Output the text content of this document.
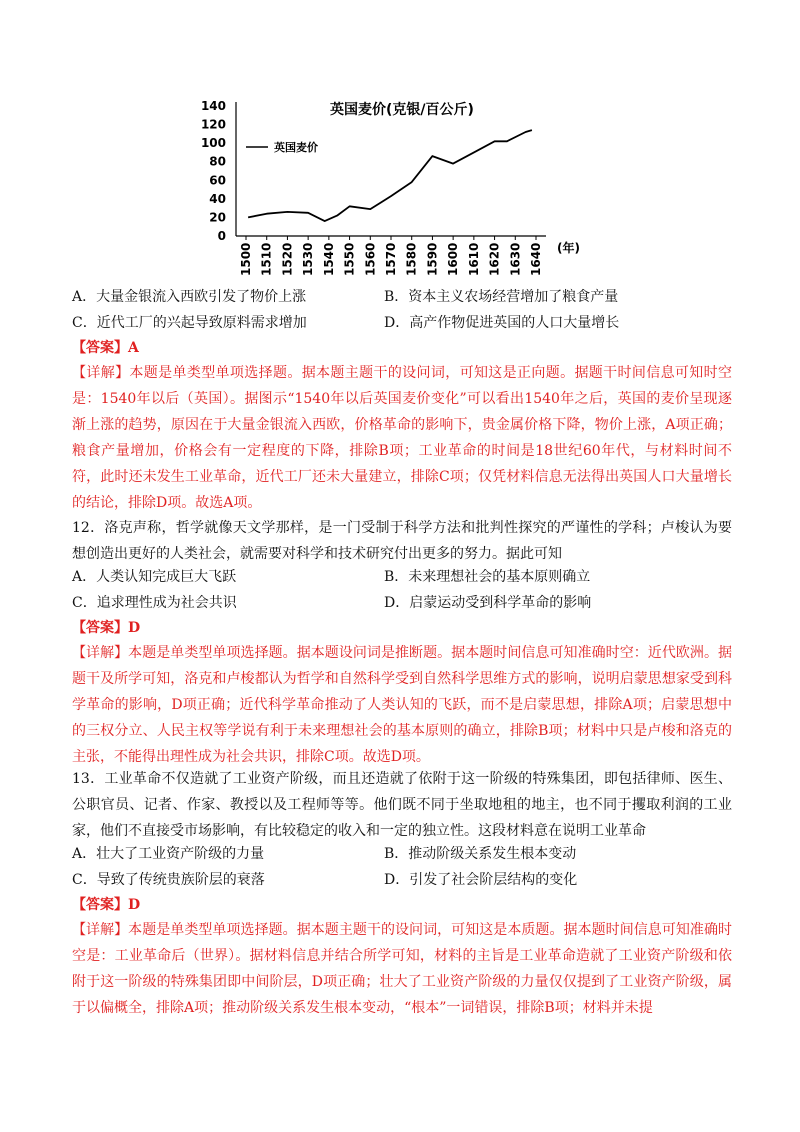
英国麦价(克银/百公斤)
英国麦价
(年)
0
20
40
60
80
100
120
140
1500 1510 1520 1530 1540 1550 1560 1570 1580 1590 1600 1610 1620 1630 1640
A．大量金银流入西欧引发了物价上涨	B．资本主义农场经营增加了粮食产量
C．近代工厂的兴起导致原料需求增加	D．高产作物促进英国的人口大量增长
【答案】A
【详解】本题是单类型单项选择题。据本题主题干的设问词，可知这是正向题。据题干时间信息可知时空是：1540年以后（英国）。据图示“1540年以后英国麦价变化”可以看出1540年之后，英国的麦价呈现逐渐上涨的趋势，原因在于大量金银流入西欧，价格革命的影响下，贵金属价格下降，物价上涨，A项正确；粮食产量增加，价格会有一定程度的下降，排除B项；工业革命的时间是18世纪60年代，与材料时间不符，此时还未发生工业革命，近代工厂还未大量建立，排除C项；仅凭材料信息无法得出英国人口大量增长的结论，排除D项。故选A项。
12．洛克声称，哲学就像天文学那样，是一门受制于科学方法和批判性探究的严谨性的学科；卢梭认为要想创造出更好的人类社会，就需要对科学和技术研究付出更多的努力。据此可知
A．人类认知完成巨大飞跃	B．未来理想社会的基本原则确立
C．追求理性成为社会共识	D．启蒙运动受到科学革命的影响
【答案】D
【详解】本题是单类型单项选择题。据本题设问词是推断题。据本题时间信息可知准确时空：近代欧洲。据题干及所学可知，洛克和卢梭都认为哲学和自然科学受到自然科学思维方式的影响，说明启蒙思想家受到科学革命的影响，D项正确；近代科学革命推动了人类认知的飞跃，而不是启蒙思想，排除A项；启蒙思想中的三权分立、人民主权等学说有利于未来理想社会的基本原则的确立，排除B项；材料中只是卢梭和洛克的主张，不能得出理性成为社会共识，排除C项。故选D项。
13．工业革命不仅造就了工业资产阶级，而且还造就了依附于这一阶级的特殊集团，即包括律师、医生、公职官员、记者、作家、教授以及工程师等等。他们既不同于坐取地租的地主，也不同于攫取利润的工业家，他们不直接受市场影响，有比较稳定的收入和一定的独立性。这段材料意在说明工业革命
A．壮大了工业资产阶级的力量	B．推动阶级关系发生根本变动
C．导致了传统贵族阶层的衰落	D．引发了社会阶层结构的变化
【答案】D
【详解】本题是单类型单项选择题。据本题主题干的设问词，可知这是本质题。据本题时间信息可知准确时空是：工业革命后（世界）。据材料信息并结合所学可知，材料的主旨是工业革命造就了工业资产阶级和依附于这一阶级的特殊集团即中间阶层，D项正确；壮大了工业资产阶级的力量仅仅提到了工业资产阶级，属于以偏概全，排除A项；推动阶级关系发生根本变动，“根本”一词错误，排除B项；材料并未提
